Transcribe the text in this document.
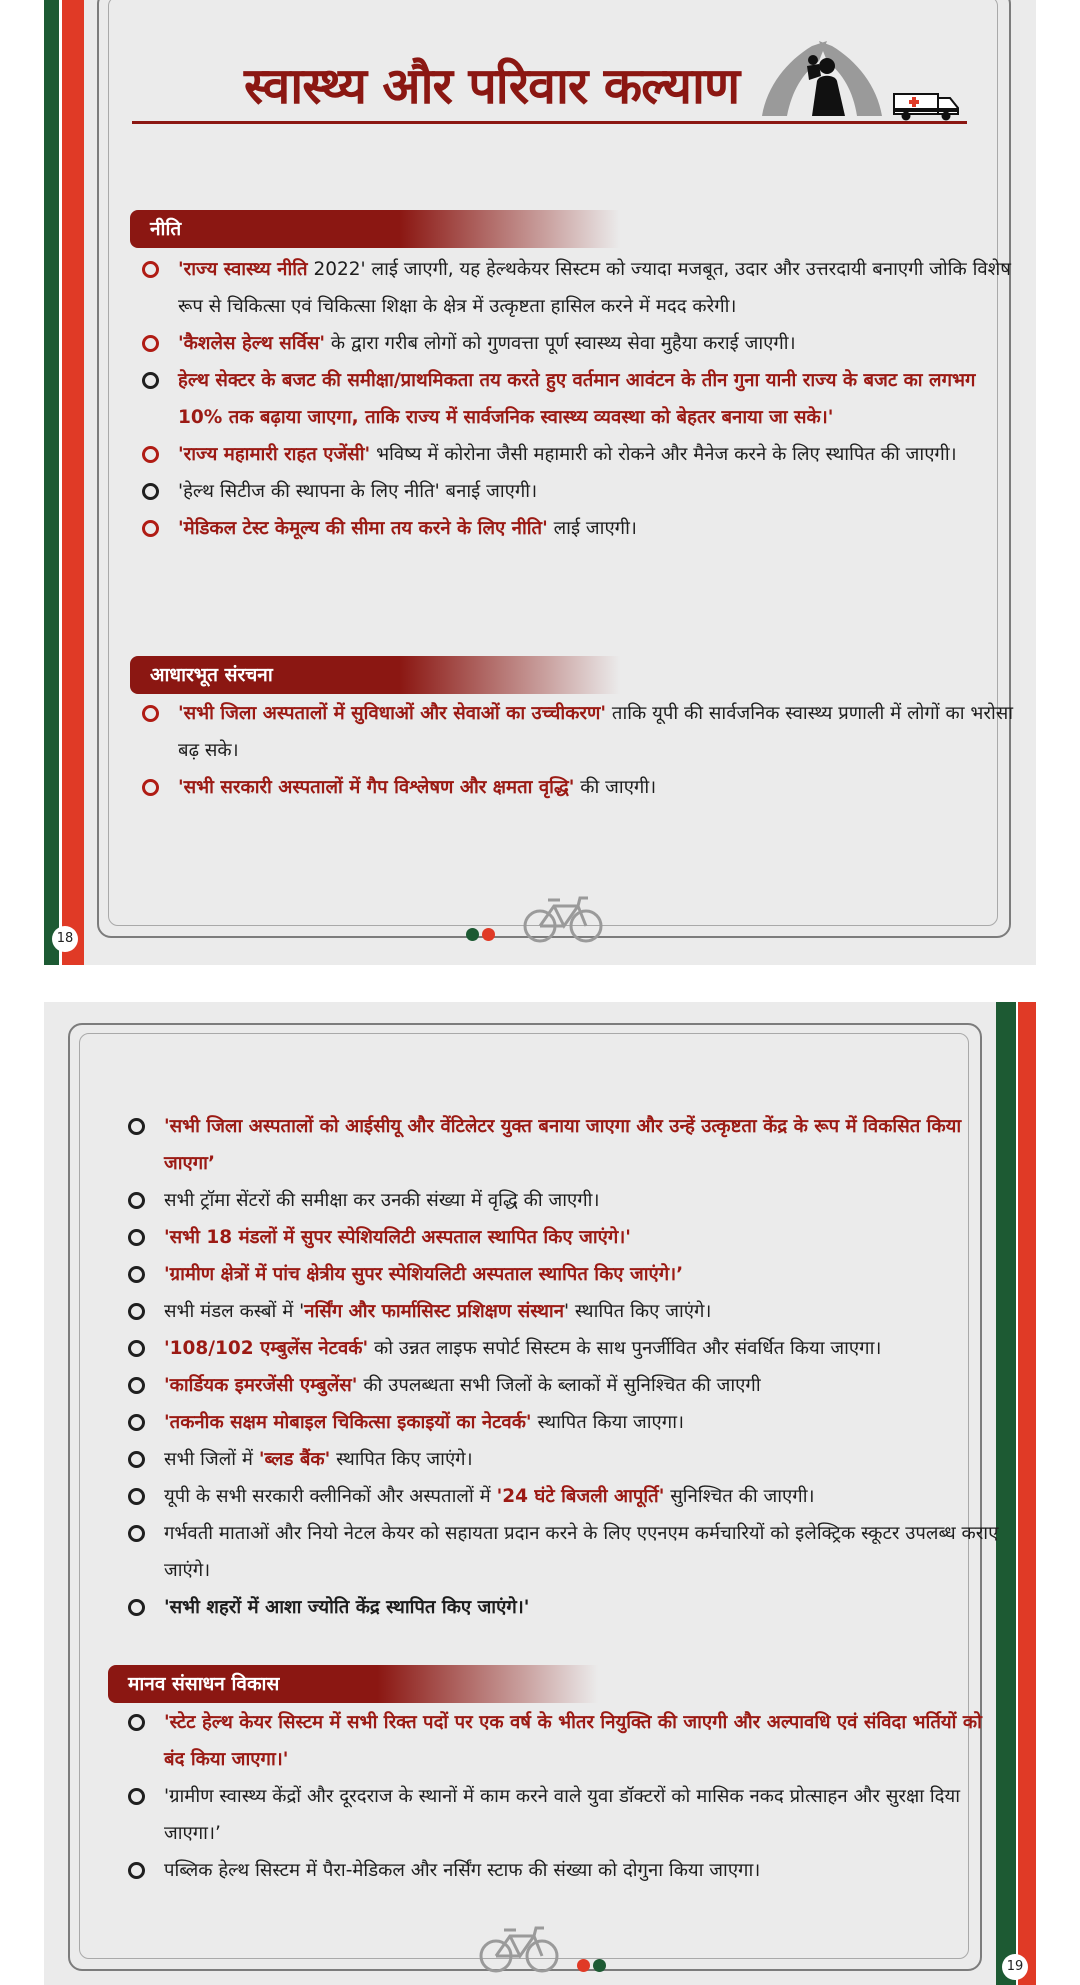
स्वास्थ्य और परिवार कल्याण
नीति
'राज्य स्वास्थ्य नीति 2022' लाई जाएगी, यह हेल्थकेयर सिस्टम को ज्यादा मजबूत, उदार और उत्तरदायी बनाएगी जोकि विशेष रूप से चिकित्सा एवं चिकित्सा शिक्षा के क्षेत्र में उत्कृष्टता हासिल करने में मदद करेगी।
'कैशलेस हेल्थ सर्विस' के द्वारा गरीब लोगों को गुणवत्ता पूर्ण स्वास्थ्य सेवा मुहैया कराई जाएगी।
हेल्थ सेक्टर के बजट की समीक्षा/प्राथमिकता तय करते हुए वर्तमान आवंटन के तीन गुना यानी राज्य के बजट का लगभग 10% तक बढ़ाया जाएगा, ताकि राज्य में सार्वजनिक स्वास्थ्य व्यवस्था को बेहतर बनाया जा सके।'
'राज्य महामारी राहत एजेंसी' भविष्य में कोरोना जैसी महामारी को रोकने और मैनेज करने के लिए स्थापित की जाएगी।
'हेल्थ सिटीज की स्थापना के लिए नीति' बनाई जाएगी।
'मेडिकल टेस्ट केमूल्य की सीमा तय करने के लिए नीति' लाई जाएगी।
आधारभूत संरचना
'सभी जिला अस्पतालों में सुविधाओं और सेवाओं का उच्चीकरण' ताकि यूपी की सार्वजनिक स्वास्थ्य प्रणाली में लोगों का भरोसा बढ़ सके।
'सभी सरकारी अस्पतालों में गैप विश्लेषण और क्षमता वृद्धि' की जाएगी।
18
'सभी जिला अस्पतालों को आईसीयू और वेंटिलेटर युक्त बनाया जाएगा और उन्हें उत्कृष्टता केंद्र के रूप में विकसित किया जाएगा’
सभी ट्रॉमा सेंटरों की समीक्षा कर उनकी संख्या में वृद्धि की जाएगी।
'सभी 18 मंडलों में सुपर स्पेशियलिटी अस्पताल स्थापित किए जाएंगे।'
'ग्रामीण क्षेत्रों में पांच क्षेत्रीय सुपर स्पेशियलिटी अस्पताल स्थापित किए जाएंगे।’
सभी मंडल कस्बों में 'नर्सिंग और फार्मासिस्ट प्रशिक्षण संस्थान' स्थापित किए जाएंगे।
'108/102 एम्बुलेंस नेटवर्क' को उन्नत लाइफ सपोर्ट सिस्टम के साथ पुनर्जीवित और संवर्धित किया जाएगा।
'कार्डियक इमरजेंसी एम्बुलेंस' की उपलब्धता सभी जिलों के ब्लाकों में सुनिश्चित की जाएगी
'तकनीक सक्षम मोबाइल चिकित्सा इकाइयों का नेटवर्क' स्थापित किया जाएगा।
सभी जिलों में 'ब्लड बैंक' स्थापित किए जाएंगे।
यूपी के सभी सरकारी क्लीनिकों और अस्पतालों में '24 घंटे बिजली आपूर्ति' सुनिश्चित की जाएगी।
गर्भवती माताओं और नियो नेटल केयर को सहायता प्रदान करने के लिए एएनएम कर्मचारियों को इलेक्ट्रिक स्कूटर उपलब्ध कराए जाएंगे।
'सभी शहरों में आशा ज्योति केंद्र स्थापित किए जाएंगे।'
मानव संसाधन विकास
'स्टेट हेल्थ केयर सिस्टम में सभी रिक्त पदों पर एक वर्ष के भीतर नियुक्ति की जाएगी और अल्पावधि एवं संविदा भर्तियों को बंद किया जाएगा।'
'ग्रामीण स्वास्थ्य केंद्रों और दूरदराज के स्थानों में काम करने वाले युवा डॉक्टरों को मासिक नकद प्रोत्साहन और सुरक्षा दिया जाएगा।’
पब्लिक हेल्थ सिस्टम में पैरा-मेडिकल और नर्सिंग स्टाफ की संख्या को दोगुना किया जाएगा।
19
